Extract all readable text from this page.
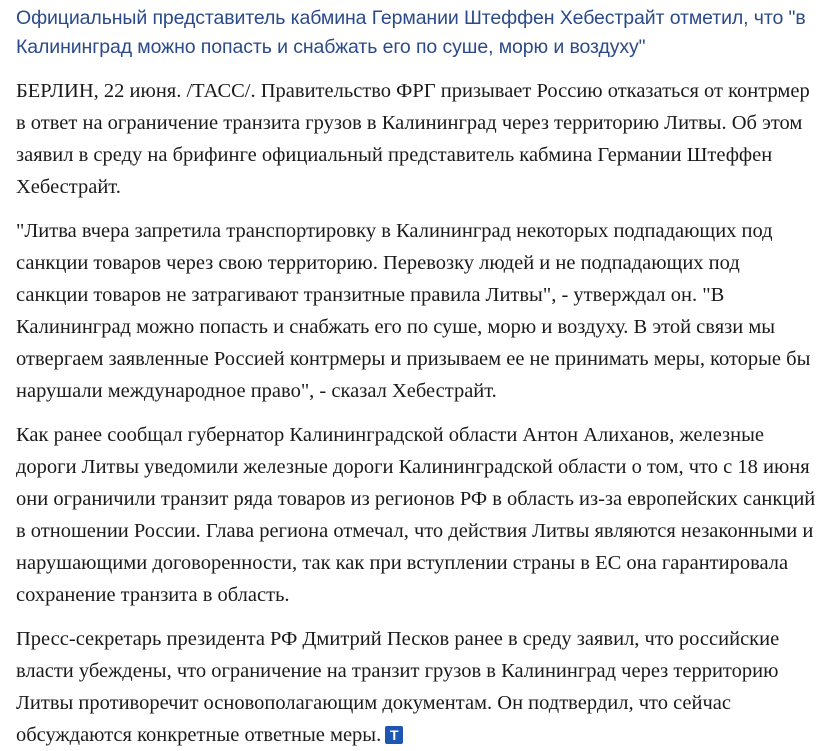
Официальный представитель кабмина Германии Штеффен Хебестрайт отметил, что "в Калининград можно попасть и снабжать его по суше, морю и воздуху"

БЕРЛИН, 22 июня. /ТАСС/. Правительство ФРГ призывает Россию отказаться от контрмер в ответ на ограничение транзита грузов в Калининград через территорию Литвы. Об этом заявил в среду на брифинге официальный представитель кабмина Германии Штеффен Хебестрайт.

"Литва вчера запретила транспортировку в Калининград некоторых подпадающих под санкции товаров через свою территорию. Перевозку людей и не подпадающих под санкции товаров не затрагивают транзитные правила Литвы", - утверждал он. "В Калининград можно попасть и снабжать его по суше, морю и воздуху. В этой связи мы отвергаем заявленные Россией контрмеры и призываем ее не принимать меры, которые бы нарушали международное право", - сказал Хебестрайт.

Как ранее сообщал губернатор Калининградской области Антон Алиханов, железные дороги Литвы уведомили железные дороги Калининградской области о том, что с 18 июня они ограничили транзит ряда товаров из регионов РФ в область из-за европейских санкций в отношении России. Глава региона отмечал, что действия Литвы являются незаконными и нарушающими договоренности, так как при вступлении страны в ЕС она гарантировала сохранение транзита в область.

Пресс-секретарь президента РФ Дмитрий Песков ранее в среду заявил, что российские власти убеждены, что ограничение на транзит грузов в Калининград через территорию Литвы противоречит основополагающим документам. Он подтвердил, что сейчас обсуждаются конкретные ответные меры. Т
